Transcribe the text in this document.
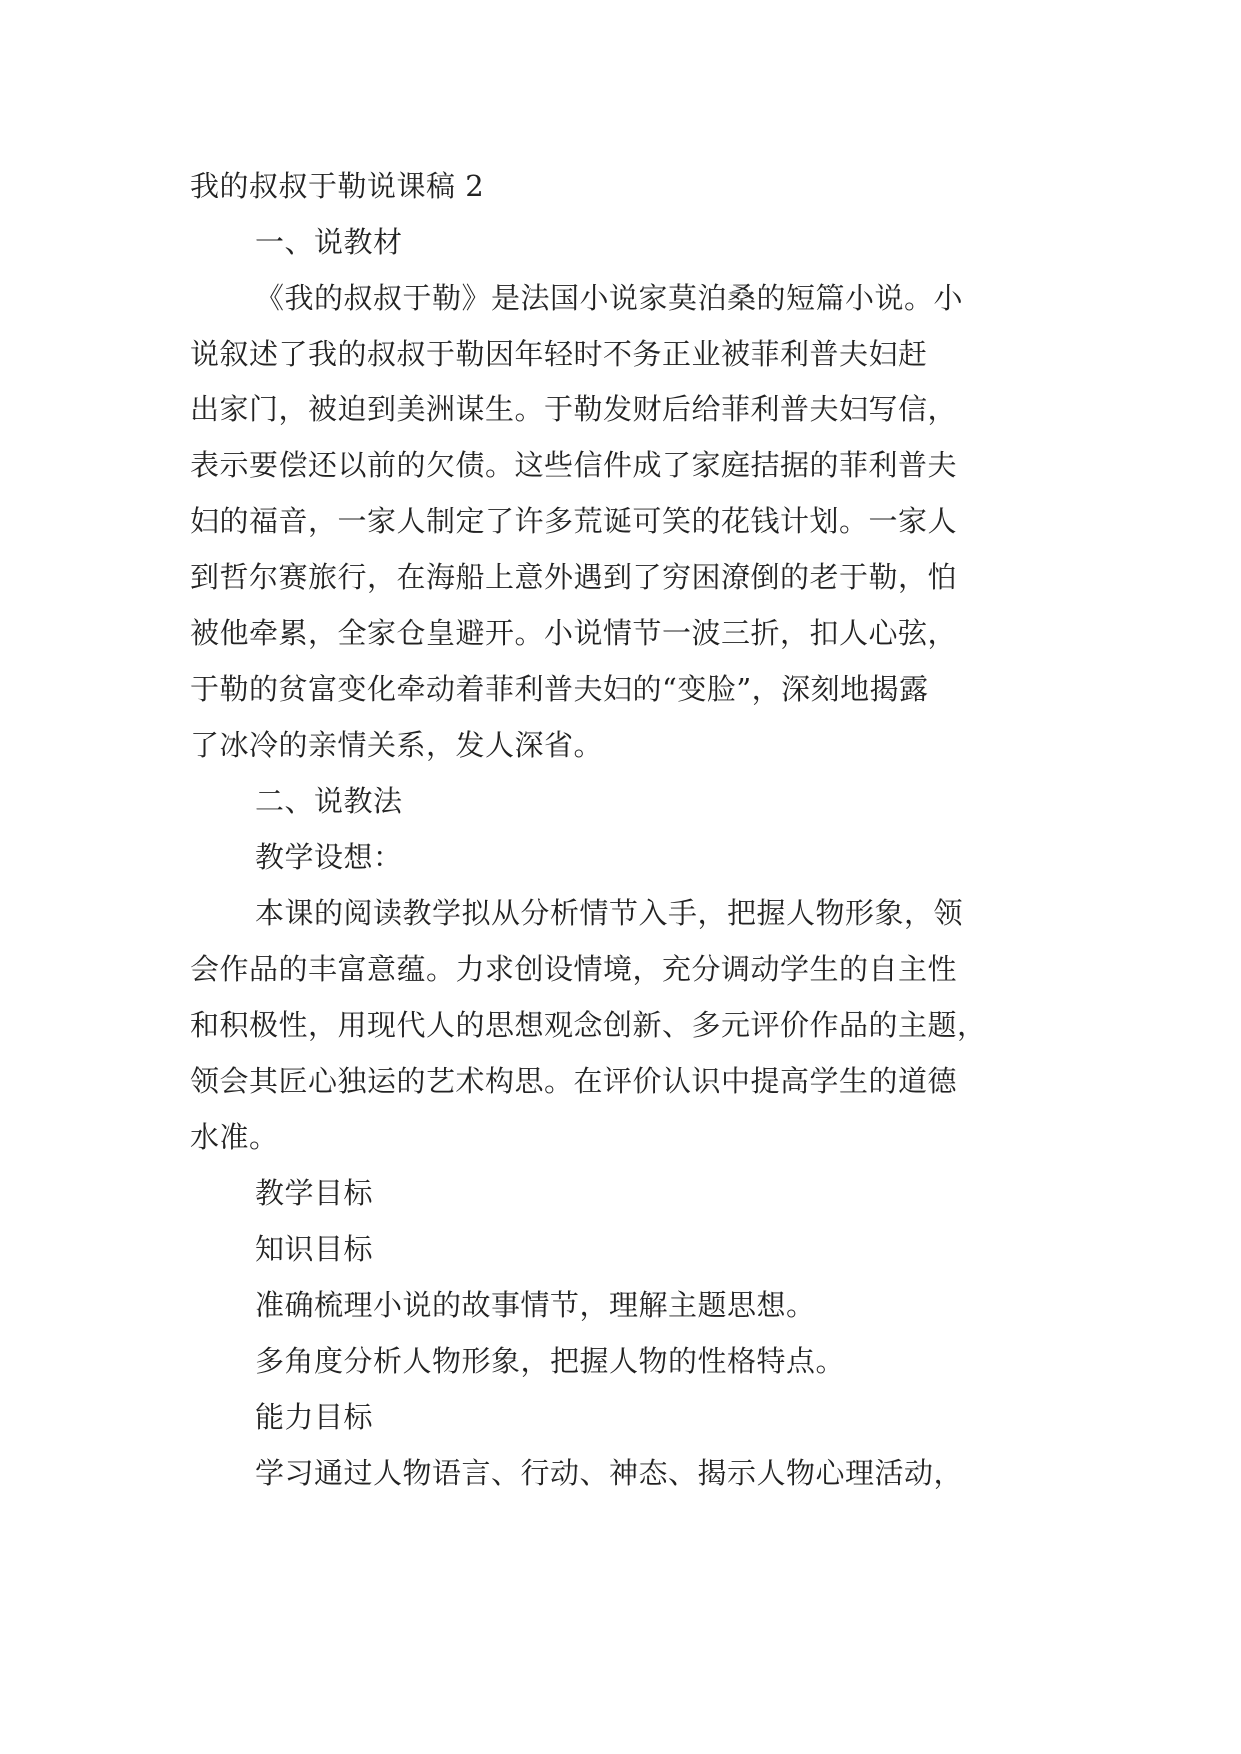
我的叔叔于勒说课稿 2
一、说教材
《我的叔叔于勒》是法国小说家莫泊桑的短篇小说。小
说叙述了我的叔叔于勒因年轻时不务正业被菲利普夫妇赶
出家门，被迫到美洲谋生。于勒发财后给菲利普夫妇写信，
表示要偿还以前的欠债。这些信件成了家庭拮据的菲利普夫
妇的福音，一家人制定了许多荒诞可笑的花钱计划。一家人
到哲尔赛旅行，在海船上意外遇到了穷困潦倒的老于勒，怕
被他牵累，全家仓皇避开。小说情节一波三折，扣人心弦，
于勒的贫富变化牵动着菲利普夫妇的“变脸”，深刻地揭露
了冰冷的亲情关系，发人深省。
二、说教法
教学设想：
本课的阅读教学拟从分析情节入手，把握人物形象，领
会作品的丰富意蕴。力求创设情境，充分调动学生的自主性
和积极性，用现代人的思想观念创新、多元评价作品的主题，
领会其匠心独运的艺术构思。在评价认识中提高学生的道德
水准。
教学目标
知识目标
准确梳理小说的故事情节，理解主题思想。
多角度分析人物形象，把握人物的性格特点。
能力目标
学习通过人物语言、行动、神态、揭示人物心理活动，
